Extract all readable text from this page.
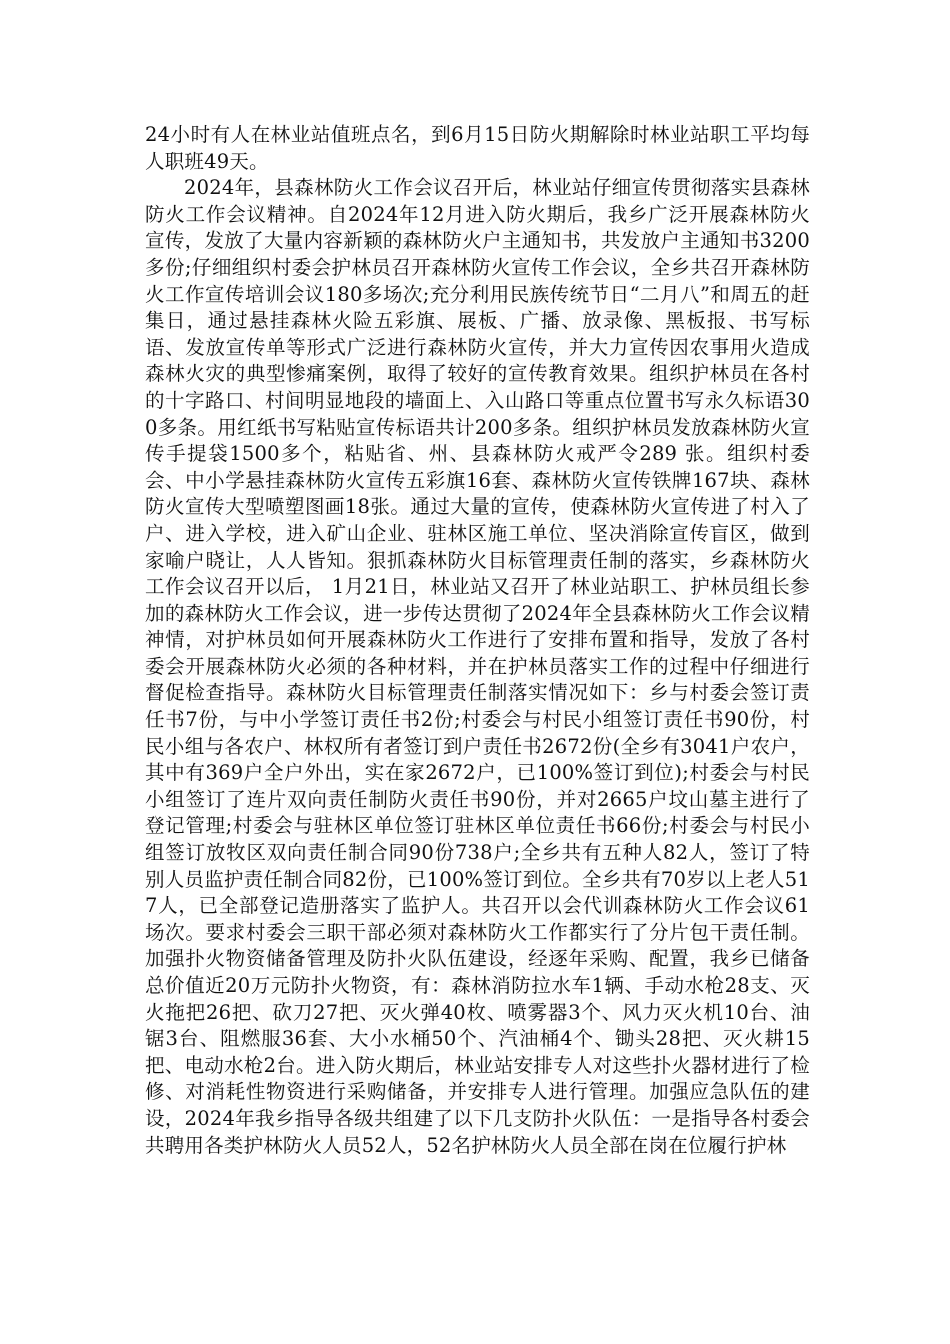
24小时有人在林业站值班点名，到6月15日防火期解除时林业站职工平均每人职班49天。

2024年，县森林防火工作会议召开后，林业站仔细宣传贯彻落实县森林防火工作会议精神。自2024年12月进入防火期后，我乡广泛开展森林防火宣传，发放了大量内容新颖的森林防火户主通知书，共发放户主通知书3200多份;仔细组织村委会护林员召开森林防火宣传工作会议，全乡共召开森林防火工作宣传培训会议180多场次;充分利用民族传统节日“二月八”和周五的赶集日，通过悬挂森林火险五彩旗、展板、广播、放录像、黑板报、书写标语、发放宣传单等形式广泛进行森林防火宣传，并大力宣传因农事用火造成森林火灾的典型惨痛案例，取得了较好的宣传教育效果。组织护林员在各村的十字路口、村间明显地段的墙面上、入山路口等重点位置书写永久标语300多条。用红纸书写粘贴宣传标语共计200多条。组织护林员发放森林防火宣传手提袋1500多个，粘贴省、州、县森林防火戒严令289 张。组织村委会、中小学悬挂森林防火宣传五彩旗16套、森林防火宣传铁牌167块、森林防火宣传大型喷塑图画18张。通过大量的宣传，使森林防火宣传进了村入了户、进入学校，进入矿山企业、驻林区施工单位、坚决消除宣传盲区，做到家喻户晓让，人人皆知。狠抓森林防火目标管理责任制的落实，乡森林防火工作会议召开以后， 1月21日，林业站又召开了林业站职工、护林员组长参加的森林防火工作会议，进一步传达贯彻了2024年全县森林防火工作会议精神情，对护林员如何开展森林防火工作进行了安排布置和指导，发放了各村委会开展森林防火必须的各种材料，并在护林员落实工作的过程中仔细进行督促检查指导。森林防火目标管理责任制落实情况如下：乡与村委会签订责任书7份，与中小学签订责任书2份;村委会与村民小组签订责任书90份，村民小组与各农户、林权所有者签订到户责任书2672份(全乡有3041户农户，其中有369户全户外出，实在家2672户，已100%签订到位);村委会与村民小组签订了连片双向责任制防火责任书90份，并对2665户坟山墓主进行了登记管理;村委会与驻林区单位签订驻林区单位责任书66份;村委会与村民小组签订放牧区双向责任制合同90份738户;全乡共有五种人82人，签订了特别人员监护责任制合同82份，已100%签订到位。全乡共有70岁以上老人517人，已全部登记造册落实了监护人。共召开以会代训森林防火工作会议61场次。要求村委会三职干部必须对森林防火工作都实行了分片包干责任制。加强扑火物资储备管理及防扑火队伍建设，经逐年采购、配置，我乡已储备总价值近20万元防扑火物资，有：森林消防拉水车1辆、手动水枪28支、灭火拖把26把、砍刀27把、灭火弹40枚、喷雾器3个、风力灭火机10台、油锯3台、阻燃服36套、大小水桶50个、汽油桶4个、锄头28把、灭火耕15把、电动水枪2台。进入防火期后，林业站安排专人对这些扑火器材进行了检修、对消耗性物资进行采购储备，并安排专人进行管理。加强应急队伍的建设，2024年我乡指导各级共组建了以下几支防扑火队伍：一是指导各村委会共聘用各类护林防火人员52人，52名护林防火人员全部在岗在位履行护林
